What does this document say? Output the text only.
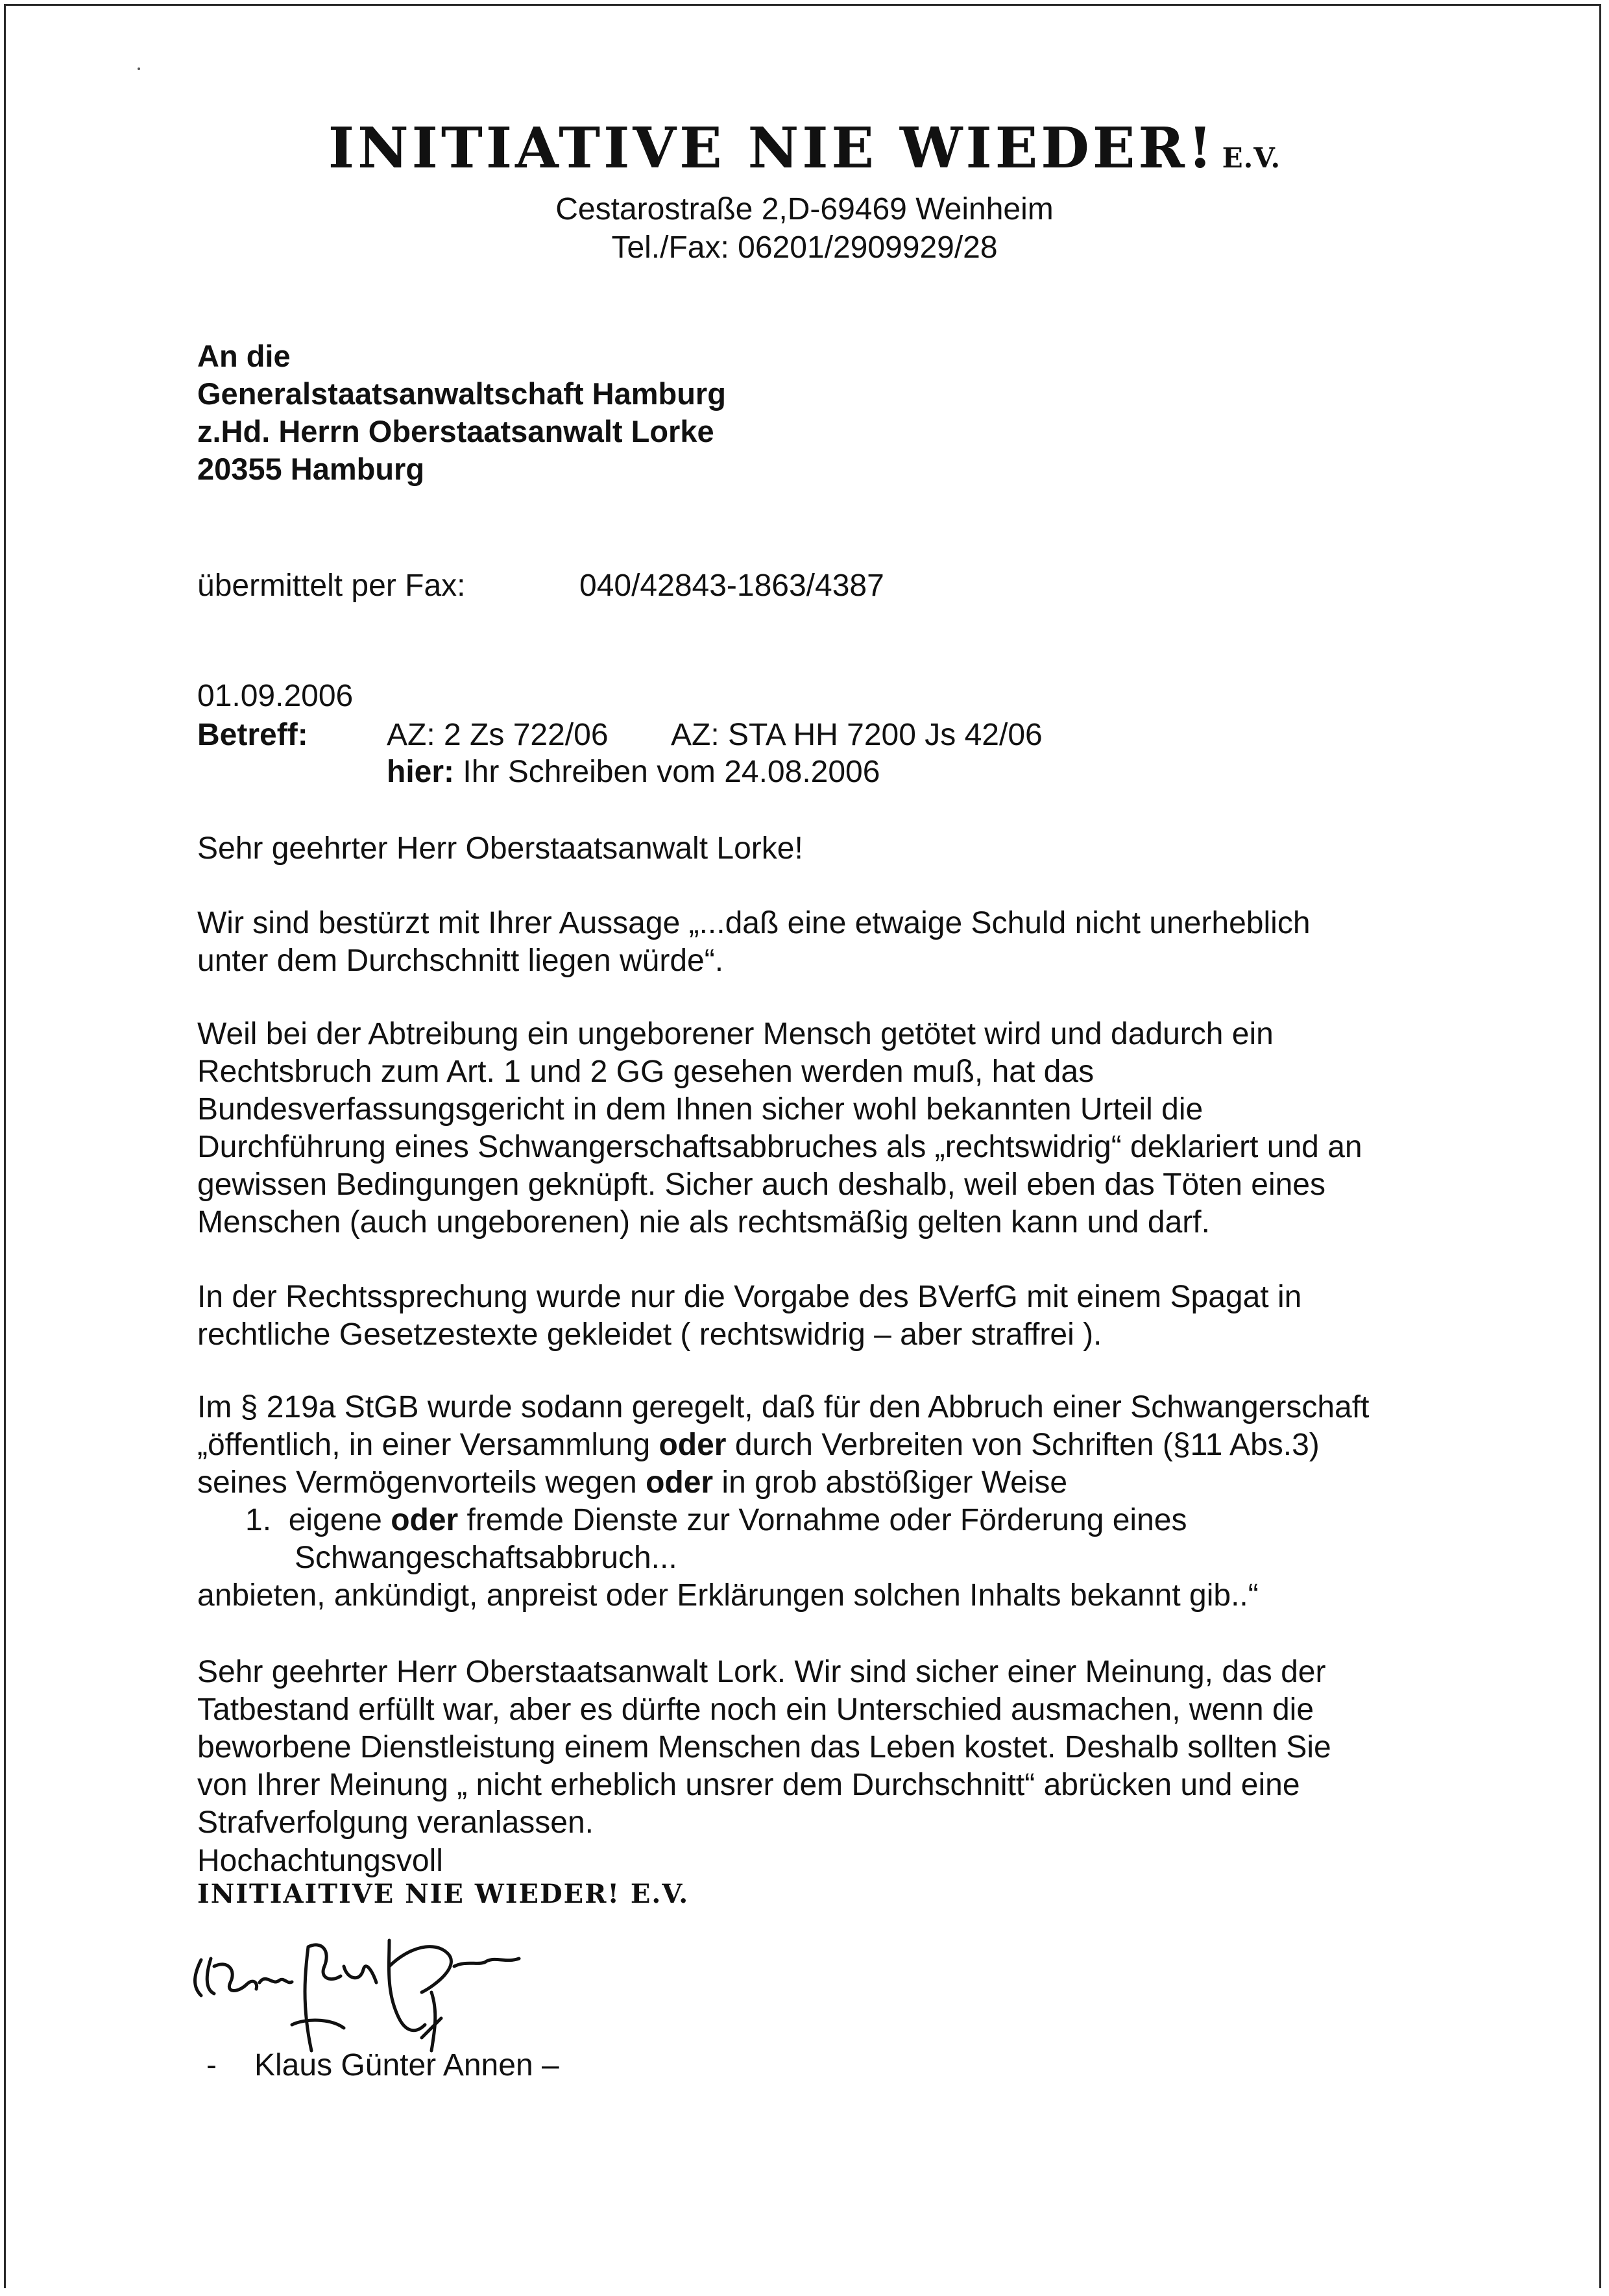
INITIATIVE NIE WIEDER! E.V.
Cestarostraße 2,D-69469 Weinheim
Tel./Fax: 06201/2909929/28
An die
Generalstaatsanwaltschaft Hamburg
z.Hd. Herrn Oberstaatsanwalt Lorke
20355 Hamburg
übermittelt per Fax:	040/42843-1863/4387
01.09.2006
Betreff:	AZ: 2 Zs 722/06 AZ: STA HH 7200 Js 42/06
hier: Ihr Schreiben vom 24.08.2006
Sehr geehrter Herr Oberstaatsanwalt Lorke!
Wir sind bestürzt mit Ihrer Aussage „...daß eine etwaige Schuld nicht unerheblich
unter dem Durchschnitt liegen würde“.
Weil bei der Abtreibung ein ungeborener Mensch getötet wird und dadurch ein
Rechtsbruch zum Art. 1 und 2 GG gesehen werden muß, hat das
Bundesverfassungsgericht in dem Ihnen sicher wohl bekannten Urteil die
Durchführung eines Schwangerschaftsabbruches als „rechtswidrig“ deklariert und an
gewissen Bedingungen geknüpft. Sicher auch deshalb, weil eben das Töten eines
Menschen (auch ungeborenen) nie als rechtsmäßig gelten kann und darf.
In der Rechtssprechung wurde nur die Vorgabe des BVerfG mit einem Spagat in
rechtliche Gesetzestexte gekleidet ( rechtswidrig – aber straffrei ).
Im § 219a StGB wurde sodann geregelt, daß für den Abbruch einer Schwangerschaft
„öffentlich, in einer Versammlung oder durch Verbreiten von Schriften (§11 Abs.3)
seines Vermögenvorteils wegen oder in grob abstößiger Weise
1. eigene oder fremde Dienste zur Vornahme oder Förderung eines
Schwangeschaftsabbruch...
anbieten, ankündigt, anpreist oder Erklärungen solchen Inhalts bekannt gib..“
Sehr geehrter Herr Oberstaatsanwalt Lork. Wir sind sicher einer Meinung, das der
Tatbestand erfüllt war, aber es dürfte noch ein Unterschied ausmachen, wenn die
beworbene Dienstleistung einem Menschen das Leben kostet. Deshalb sollten Sie
von Ihrer Meinung „ nicht erheblich unsrer dem Durchschnitt“ abrücken und eine
Strafverfolgung veranlassen.
Hochachtungsvoll
INITIAITIVE NIE WIEDER! E.V.
- Klaus Günter Annen –
